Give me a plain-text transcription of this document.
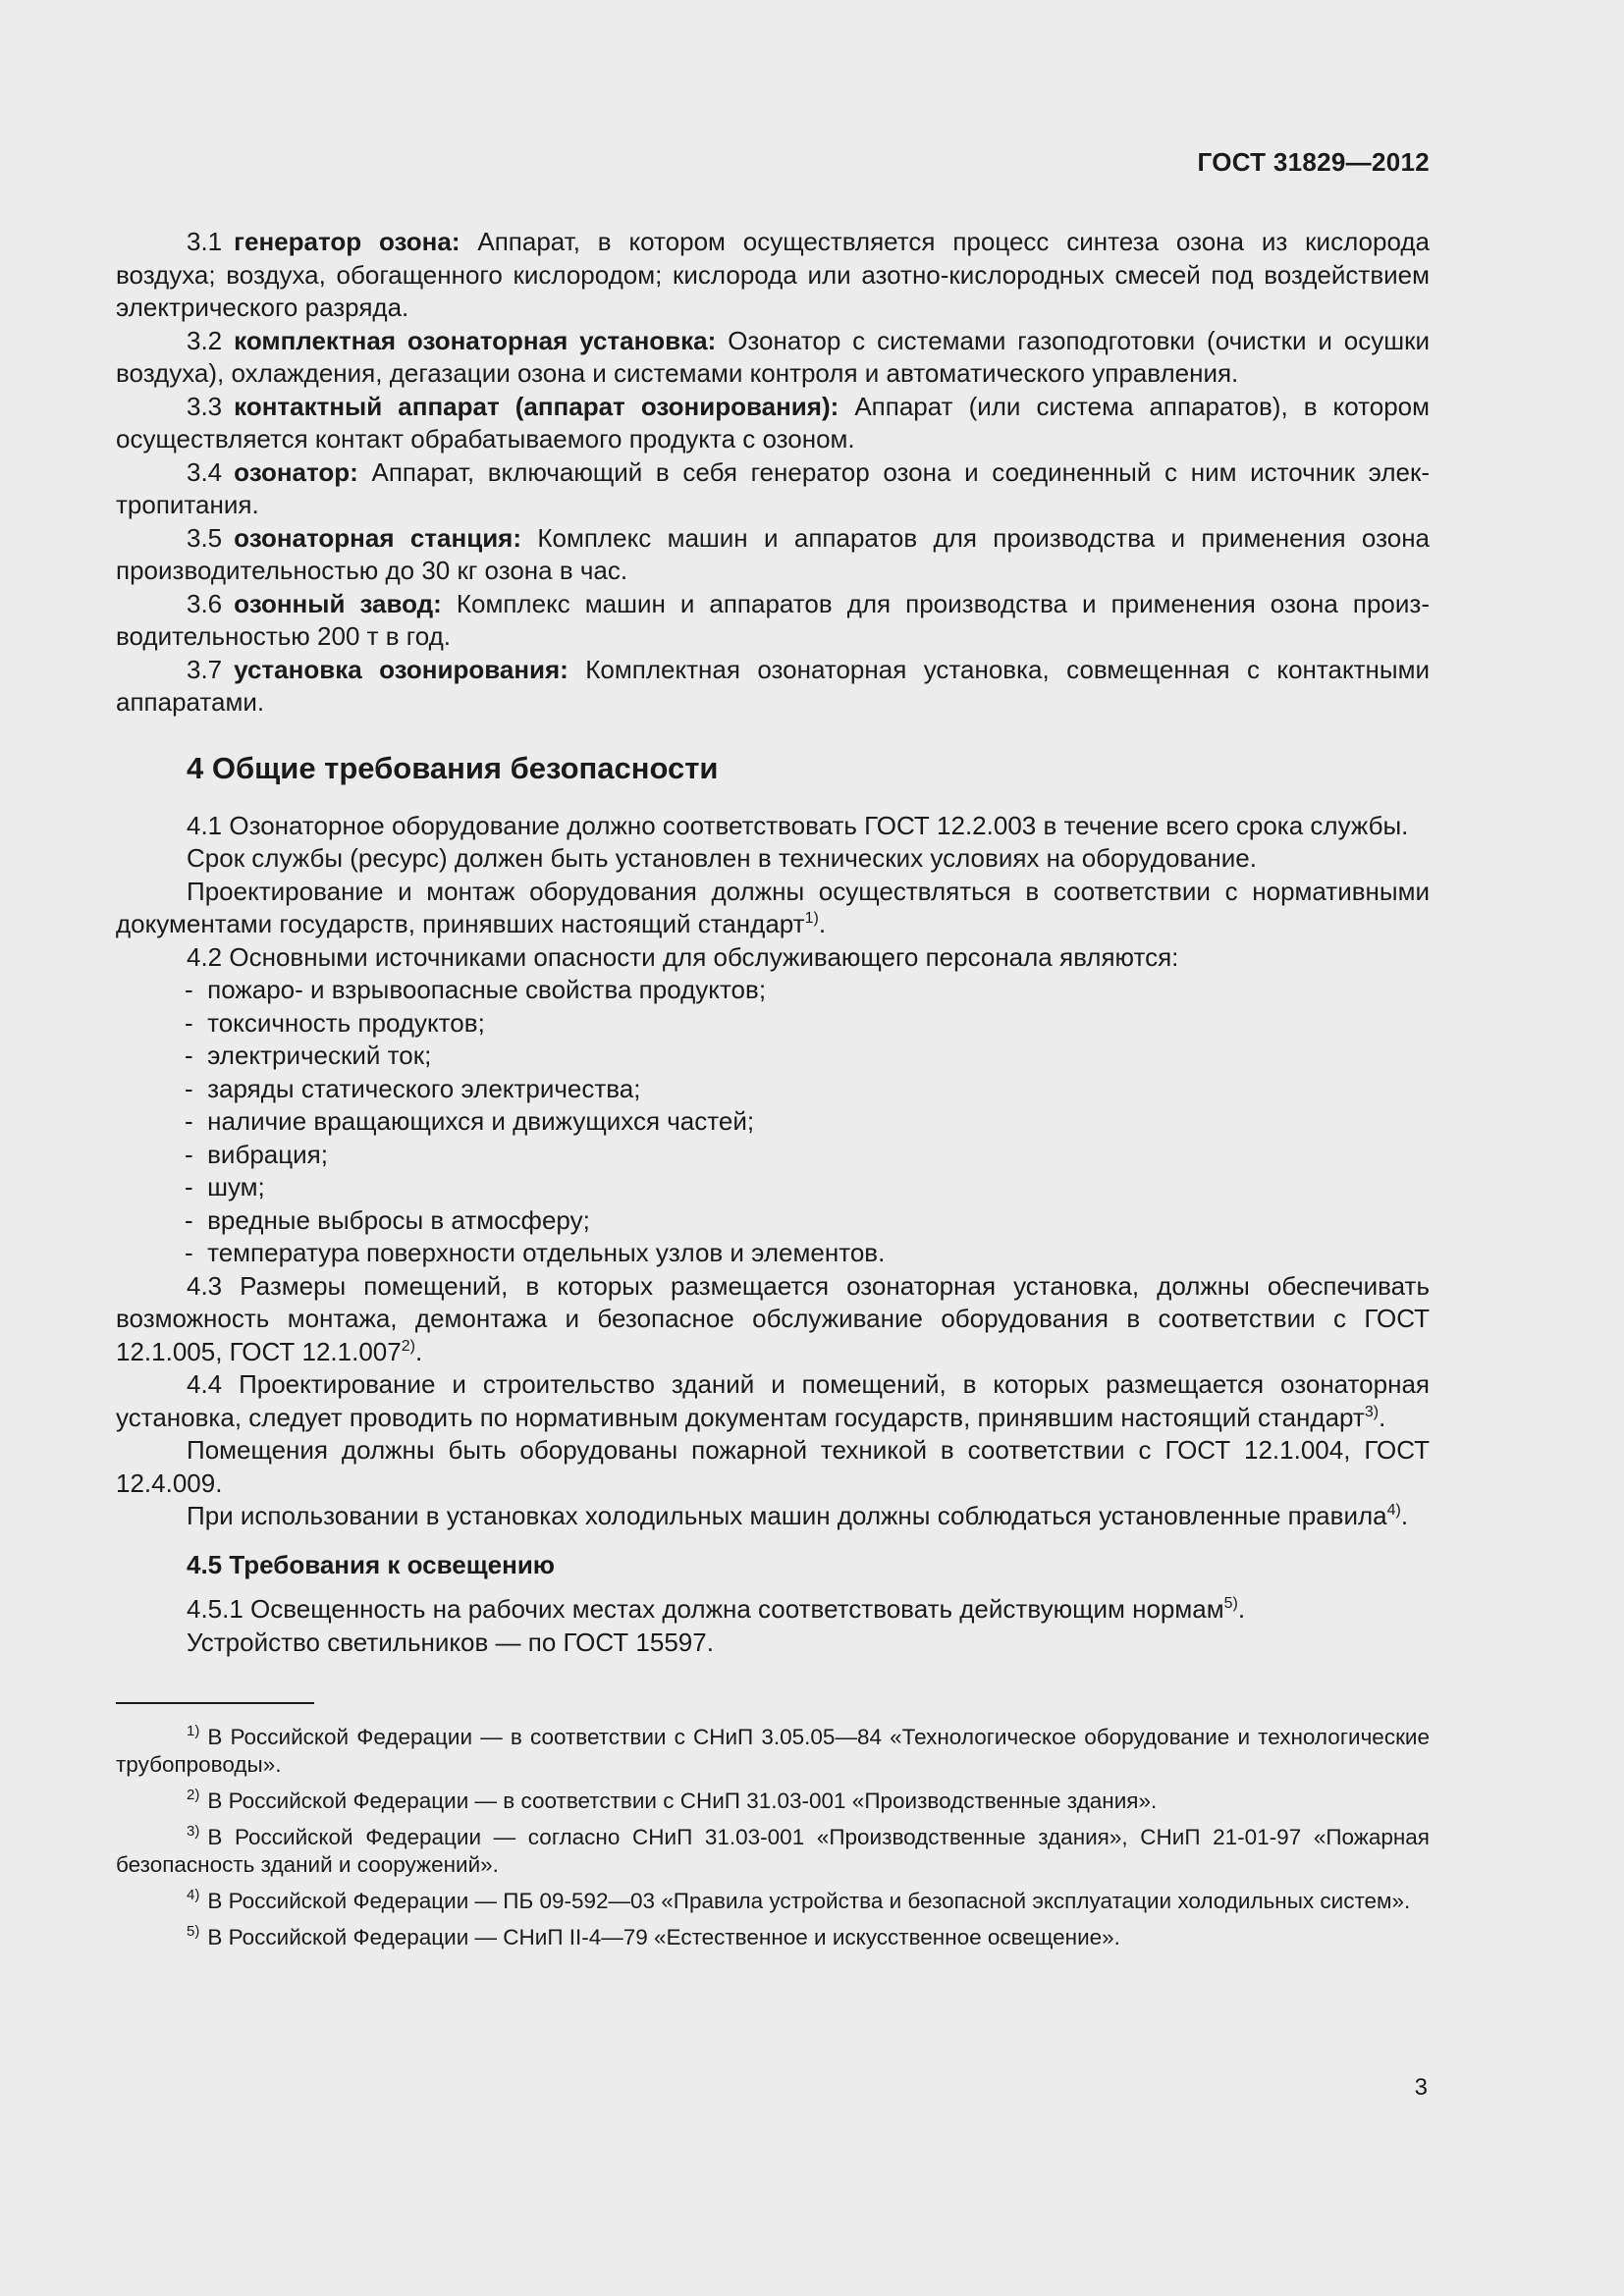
ГОСТ 31829—2012

3.1 генератор озона: Аппарат, в котором осуществляется процесс синтеза озона из кислорода воздуха; воздуха, обогащенного кислородом; кислорода или азотно-кислородных смесей под воздействием электрического разряда.

3.2 комплектная озонаторная установка: Озонатор с системами газоподготовки (очистки и осушки воздуха), охлаждения, дегазации озона и системами контроля и автоматического управления.

3.3 контактный аппарат (аппарат озонирования): Аппарат (или система аппаратов), в котором осуществляется контакт обрабатываемого продукта с озоном.

3.4 озонатор: Аппарат, включающий в себя генератор озона и соединенный с ним источник электропитания.

3.5 озонаторная станция: Комплекс машин и аппаратов для производства и применения озона производительностью до 30 кг озона в час.

3.6 озонный завод: Комплекс машин и аппаратов для производства и применения озона производительностью 200 т в год.

3.7 установка озонирования: Комплектная озонаторная установка, совмещенная с контактными аппаратами.

4 Общие требования безопасности

4.1 Озонаторное оборудование должно соответствовать ГОСТ 12.2.003 в течение всего срока службы.

Срок службы (ресурс) должен быть установлен в технических условиях на оборудование.

Проектирование и монтаж оборудования должны осуществляться в соответствии с нормативными документами государств, принявших настоящий стандарт$^{1)}$.

4.2 Основными источниками опасности для обслуживающего персонала являются:

- пожаро- и взрывоопасные свойства продуктов;
- токсичность продуктов;
- электрический ток;
- заряды статического электричества;
- наличие вращающихся и движущихся частей;
- вибрация;
- шум;
- вредные выбросы в атмосферу;
- температура поверхности отдельных узлов и элементов.

4.3 Размеры помещений, в которых размещается озонаторная установка, должны обеспечивать возможность монтажа, демонтажа и безопасное обслуживание оборудования в соответствии с ГОСТ 12.1.005, ГОСТ 12.1.007$^{2)}$.

4.4 Проектирование и строительство зданий и помещений, в которых размещается озонаторная установка, следует проводить по нормативным документам государств, принявшим настоящий стандарт$^{3)}$.

Помещения должны быть оборудованы пожарной техникой в соответствии с ГОСТ 12.1.004, ГОСТ 12.4.009.

При использовании в установках холодильных машин должны соблюдаться установленные правила$^{4)}$.

4.5 Требования к освещению

4.5.1 Освещенность на рабочих местах должна соответствовать действующим нормам$^{5)}$.

Устройство светильников — по ГОСТ 15597.

$^{1)}$ В Российской Федерации — в соответствии с СНиП 3.05.05—84 «Технологическое оборудование и технологические трубопроводы».

$^{2)}$ В Российской Федерации — в соответствии с СНиП 31.03-001 «Производственные здания».

$^{3)}$ В Российской Федерации — согласно СНиП 31.03-001 «Производственные здания», СНиП 21-01-97 «Пожарная безопасность зданий и сооружений».

$^{4)}$ В Российской Федерации — ПБ 09-592—03 «Правила устройства и безопасной эксплуатации холодильных систем».

$^{5)}$ В Российской Федерации — СНиП II-4—79 «Естественное и искусственное освещение».

3
